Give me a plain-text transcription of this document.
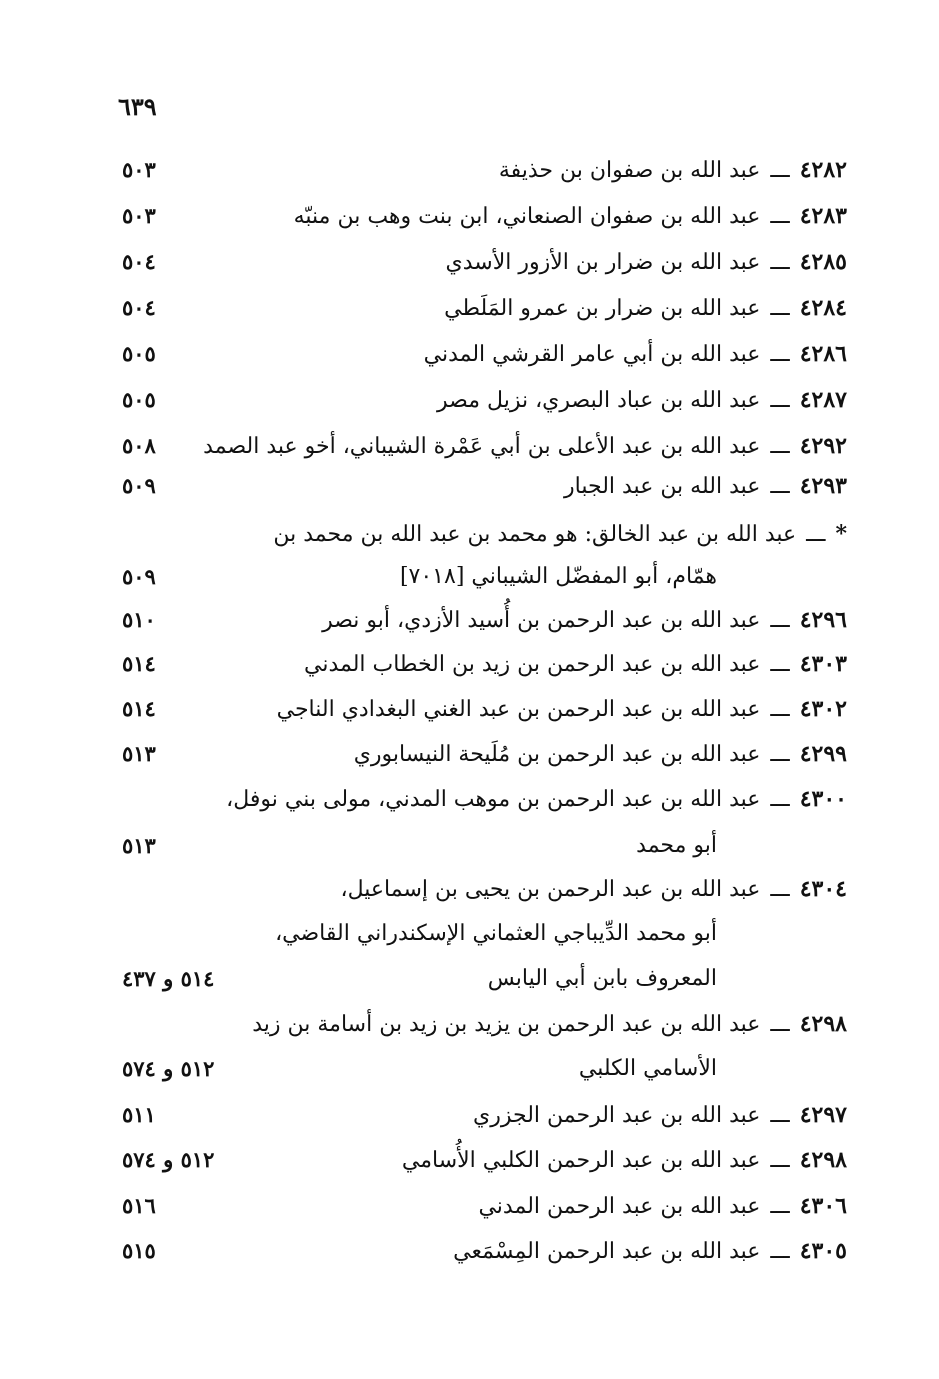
٦٣٩
٤٢٨٢ـــعبد الله بن صفوان بن حذيفة
٥٠٣
٤٢٨٣ـــعبد الله بن صفوان الصنعاني، ابن بنت وهب بن منبّه
٥٠٣
٤٢٨٥ـــعبد الله بن ضرار بن الأزور الأسدي
٥٠٤
٤٢٨٤ـــعبد الله بن ضرار بن عمرو المَلَطي
٥٠٤
٤٢٨٦ـــعبد الله بن أبي عامر القرشي المدني
٥٠٥
٤٢٨٧ـــعبد الله بن عباد البصري، نزيل مصر
٥٠٥
٤٢٩٢ـــعبد الله بن عبد الأعلى بن أبي عَمْرة الشيباني، أخو عبد الصمد
٥٠٨
٤٢٩٣ـــعبد الله بن عبد الجبار
٥٠٩
*ـــعبد الله بن عبد الخالق: هو محمد بن عبد الله بن محمد بن
همّام، أبو المفضّل الشيباني [٧٠١٨]
٥٠٩
٤٢٩٦ـــعبد الله بن عبد الرحمن بن أُسيد الأزدي، أبو نصر
٥١٠
٤٣٠٣ـــعبد الله بن عبد الرحمن بن زيد بن الخطاب المدني
٥١٤
٤٣٠٢ـــعبد الله بن عبد الرحمن بن عبد الغني البغدادي الناجي
٥١٤
٤٢٩٩ـــعبد الله بن عبد الرحمن بن مُلَيحة النيسابوري
٥١٣
٤٣٠٠ـــعبد الله بن عبد الرحمن بن موهب المدني، مولى بني نوفل،
أبو محمد
٥١٣
٤٣٠٤ـــعبد الله بن عبد الرحمن بن يحيى بن إسماعيل،
أبو محمد الدِّيباجي العثماني الإسكندراني القاضي،
المعروف بابن أبي اليابس
٥١٤ و ٤٣٧
٤٢٩٨ـــعبد الله بن عبد الرحمن بن يزيد بن زيد بن أسامة بن زيد
الأسامي الكلبي
٥١٢ و ٥٧٤
٤٢٩٧ـــعبد الله بن عبد الرحمن الجزري
٥١١
٤٢٩٨ـــعبد الله بن عبد الرحمن الكلبي الأُسامي
٥١٢ و ٥٧٤
٤٣٠٦ـــعبد الله بن عبد الرحمن المدني
٥١٦
٤٣٠٥ـــعبد الله بن عبد الرحمن المِسْمَعي
٥١٥
